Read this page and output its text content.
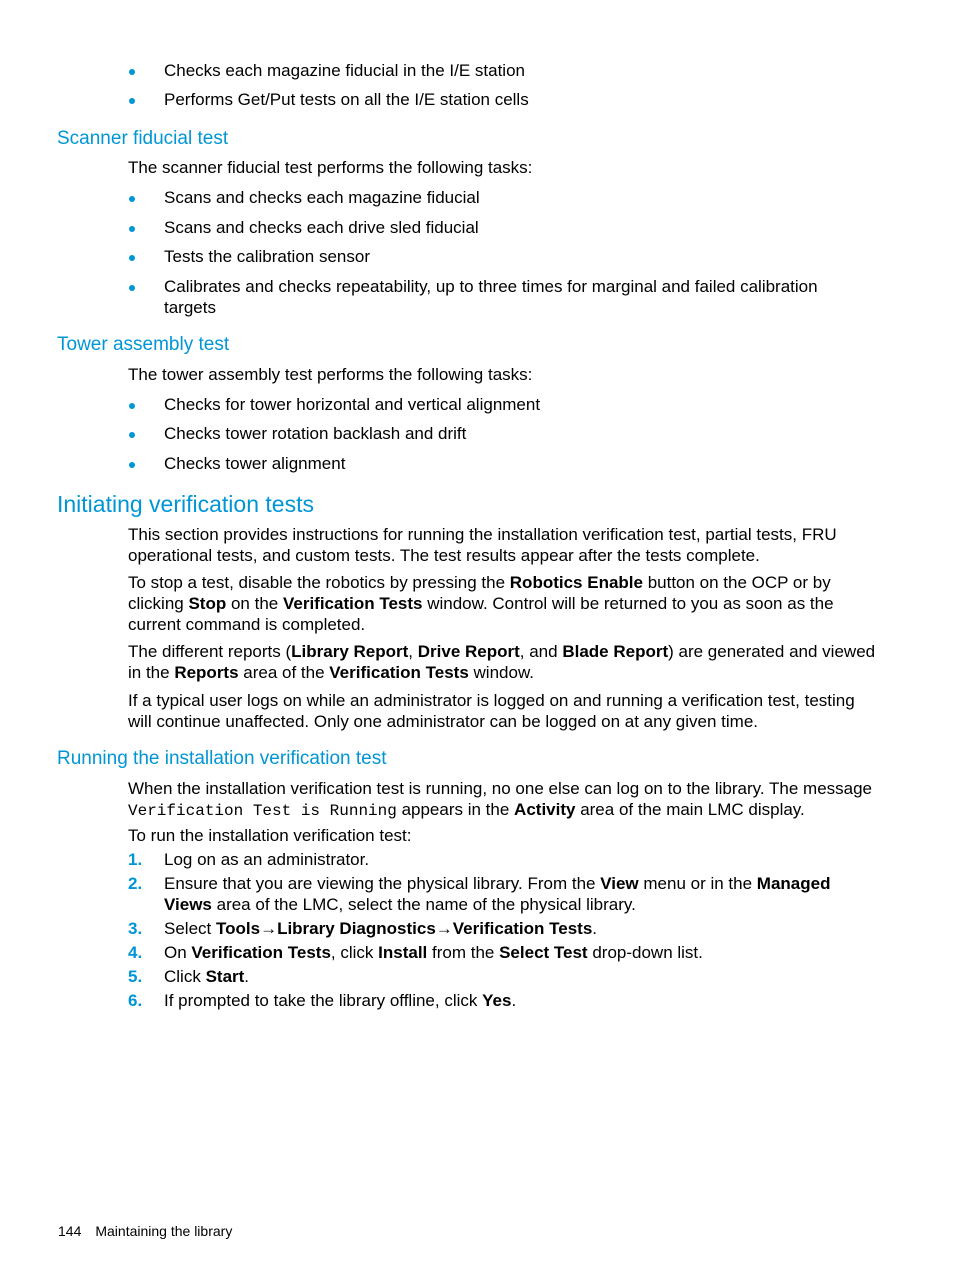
Checks each magazine fiducial in the I/E station
Performs Get/Put tests on all the I/E station cells
Scanner fiducial test

The scanner fiducial test performs the following tasks:

Scans and checks each magazine fiducial
Scans and checks each drive sled fiducial
Tests the calibration sensor
Calibrates and checks repeatability, up to three times for marginal and failed calibration targets
Tower assembly test

The tower assembly test performs the following tasks:

Checks for tower horizontal and vertical alignment
Checks tower rotation backlash and drift
Checks tower alignment
Initiating verification tests

This section provides instructions for running the installation verification test, partial tests, FRU operational tests, and custom tests. The test results appear after the tests complete.

To stop a test, disable the robotics by pressing the Robotics Enable button on the OCP or by clicking Stop on the Verification Tests window. Control will be returned to you as soon as the current command is completed.

The different reports (Library Report, Drive Report, and Blade Report) are generated and viewed in the Reports area of the Verification Tests window.

If a typical user logs on while an administrator is logged on and running a verification test, testing will continue unaffected. Only one administrator can be logged on at any given time.

Running the installation verification test

When the installation verification test is running, no one else can log on to the library. The message Verification Test is Running appears in the Activity area of the main LMC display.

To run the installation verification test:

1. Log on as an administrator.
2. Ensure that you are viewing the physical library. From the View menu or in the Managed Views area of the LMC, select the name of the physical library.
3. Select Tools→Library Diagnostics→Verification Tests.
4. On Verification Tests, click Install from the Select Test drop-down list.
5. Click Start.
6. If prompted to take the library offline, click Yes.
144 Maintaining the library
